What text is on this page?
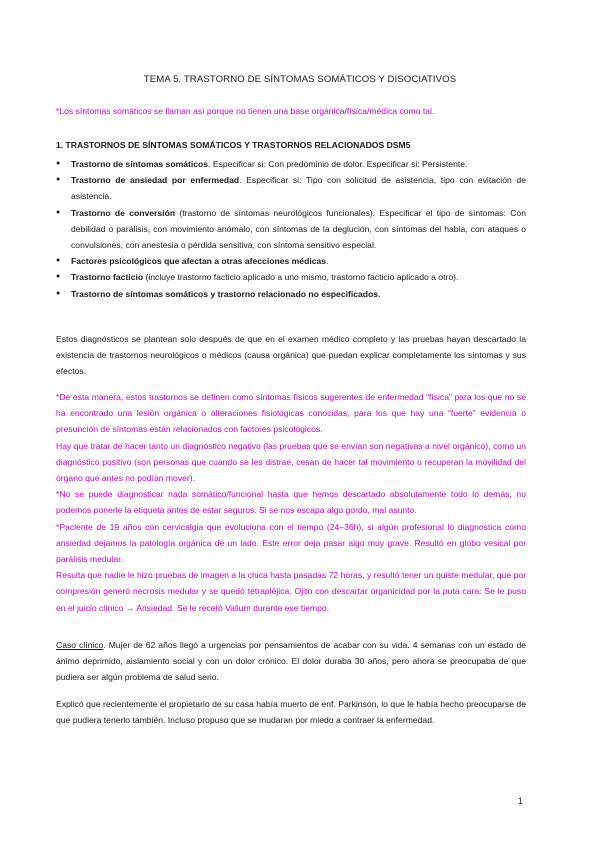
TEMA 5. TRASTORNO DE SÍNTOMAS SOMÁTICOS Y DISOCIATIVOS
*Los síntomas somáticos se llaman así porque no tienen una base orgánica/física/médica como tal.
1. TRASTORNOS DE SÍNTOMAS SOMÁTICOS Y TRASTORNOS RELACIONADOS DSM5
● Trastorno de síntomas somáticos. Especificar si: Con predominio de dolor. Especificar si: Persistente.
● Trastorno de ansiedad por enfermedad. Especificar si: Tipo con solicitud de asistencia, tipo con evitación de asistencia.
● Trastorno de conversión (trastorno de síntomas neurológicos funcionales). Especificar el tipo de síntomas: Con debilidad o parálisis, con movimiento anómalo, con síntomas de la deglución, con síntomas del habla, con ataques o convulsiones, con anestesia o pérdida sensitiva, con síntoma sensitivo especial.
● Factores psicológicos que afectan a otras afecciones médicas.
● Trastorno facticio (incluye trastorno facticio aplicado a uno mismo, trastorno facticio aplicado a otro).
● Trastorno de síntomas somáticos y trastorno relacionado no especificados.

Estos diagnósticos se plantean solo después de que en el examen médico completo y las pruebas hayan descartado la existencia de trastornos neurológicos o médicos (causa orgánica) que puedan explicar completamente los síntomas y sus efectos.

*De esta manera, estos trastornos se definen como síntomas físicos sugerentes de enfermedad “física” para los que no se ha encontrado una lesión orgánica o alteraciones fisiológicas conocidas, para los que hay una “fuerte” evidencia o presunción de síntomas están relacionados con factores psicológicos.

Hay que tratar de hacer tanto un diagnóstico negativo (las pruebas que se envían son negativas a nivel orgánico), como un diagnóstico positivo (son personas que cuando se les distrae, cesan de hacer tal movimiento o recuperan la movilidad del órgano que antes no podían mover).

*No se puede diagnosticar nada somático/funcional hasta que hemos descartado absolutamente todo lo demás, no podemos ponerle la etiqueta antes de estar seguros. Si se nos escapa algo gordo, mal asunto.

*Paciente de 19 años con cervicalgia que evoluciona con el tiempo (24–36h), si algún profesional lo diagnostica como ansiedad dejamos la patología orgánica de un lado. Este error deja pasar algo muy grave. Resultó en globo vesical por parálisis medular.

Resulta que nadie le hizo pruebas de imagen a la chica hasta pasadas 72 horas, y resultó tener un quiste medular, que por compresión generó necrosis medular y se quedó tetrapléjica. Ojito con descartar organicidad por la puta cara: Se le puso en el juicio clínico → Ansiedad. Se le recetó Valium durante ese tiempo.

Caso clínico. Mujer de 62 años llegó a urgencias por pensamientos de acabar con su vida. 4 semanas con un estado de ánimo deprimido, aislamiento social y con un dolor crónico. El dolor duraba 30 años, pero ahora se preocupaba de que pudiera ser algún problema de salud serio.

Explicó que recientemente el propietario de su casa había muerto de enf. Parkinson, lo que le había hecho preocuparse de que pudiera tenerlo también. Incluso propuso que se mudaran por miedo a contraer la enfermedad.

1
